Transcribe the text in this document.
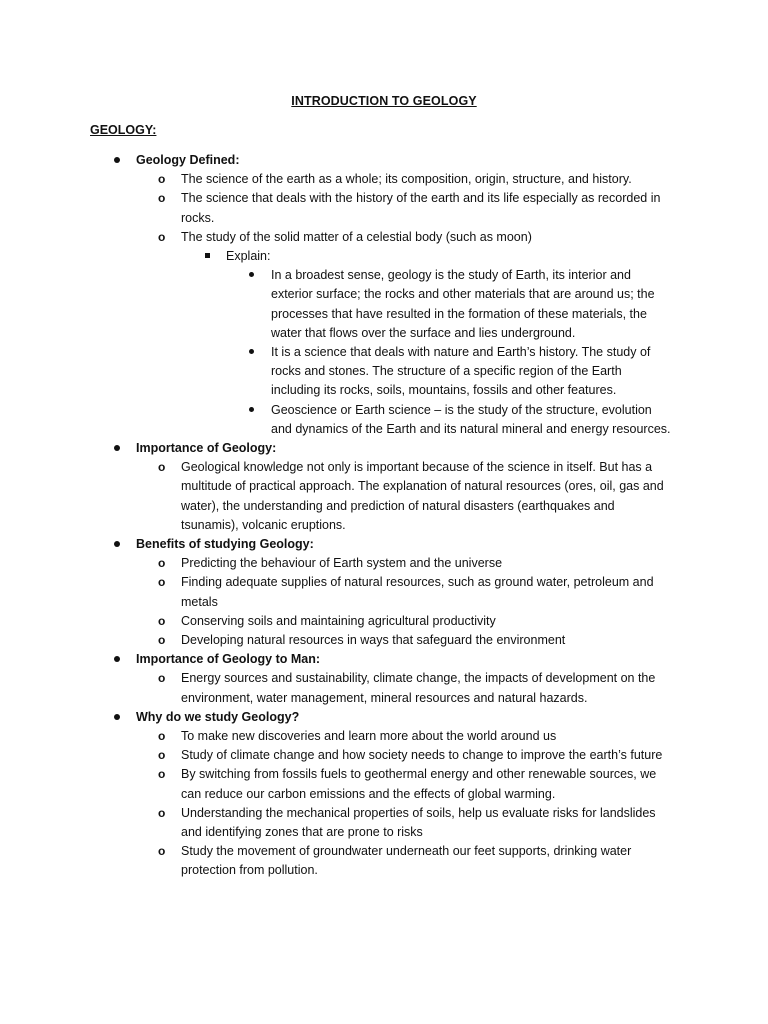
INTRODUCTION TO GEOLOGY
GEOLOGY:
Geology Defined:
o The science of the earth as a whole; its composition, origin, structure, and history.
o The science that deals with the history of the earth and its life especially as recorded in
rocks.
o The study of the solid matter of a celestial body (such as moon)
Explain:
In a broadest sense, geology is the study of Earth, its interior and
exterior surface; the rocks and other materials that are around us; the
processes that have resulted in the formation of these materials, the
water that flows over the surface and lies underground.
It is a science that deals with nature and Earth’s history. The study of
rocks and stones. The structure of a specific region of the Earth
including its rocks, soils, mountains, fossils and other features.
Geoscience or Earth science – is the study of the structure, evolution
and dynamics of the Earth and its natural mineral and energy resources.
Importance of Geology:
o Geological knowledge not only is important because of the science in itself. But has a
multitude of practical approach. The explanation of natural resources (ores, oil, gas and
water), the understanding and prediction of natural disasters (earthquakes and
tsunamis), volcanic eruptions.
Benefits of studying Geology:
o Predicting the behaviour of Earth system and the universe
o Finding adequate supplies of natural resources, such as ground water, petroleum and
metals
o Conserving soils and maintaining agricultural productivity
o Developing natural resources in ways that safeguard the environment
Importance of Geology to Man:
o Energy sources and sustainability, climate change, the impacts of development on the
environment, water management, mineral resources and natural hazards.
Why do we study Geology?
o To make new discoveries and learn more about the world around us
o Study of climate change and how society needs to change to improve the earth’s future
o By switching from fossils fuels to geothermal energy and other renewable sources, we
can reduce our carbon emissions and the effects of global warming.
o Understanding the mechanical properties of soils, help us evaluate risks for landslides
and identifying zones that are prone to risks
o Study the movement of groundwater underneath our feet supports, drinking water
protection from pollution.
